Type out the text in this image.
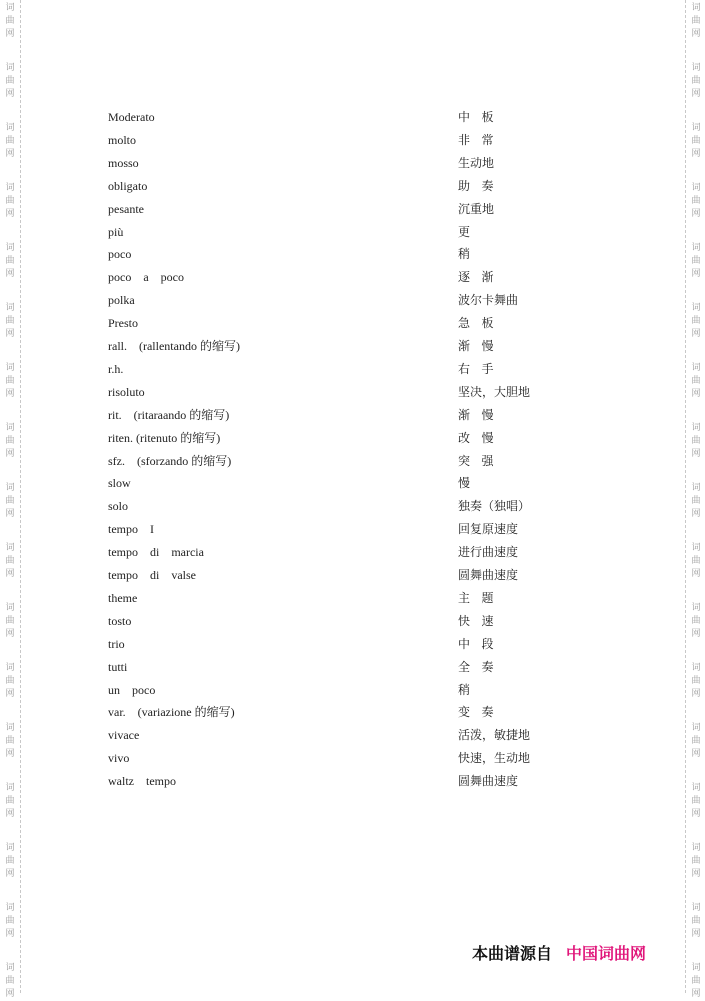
词
曲
网
词
曲
网
词
曲
网
词
曲
网
词
曲
网
词
曲
网
词
曲
网
词
曲
网
词
曲
网
词
曲
网
词
曲
网
词
曲
网
词
曲
网
词
曲
网
词
曲
网
词
曲
网
词
曲
网
词
曲
网
词
曲
网
词
曲
网
词
曲
网
词
曲
网
词
曲
网
词
曲
网
词
曲
网
词
曲
网
词
曲
网
词
曲
网
词
曲
网
词
曲
网
词
曲
网
词
曲
网
词
曲
网
词
曲
网
Moderato	中   板
molto	非   常
mosso	生动地
obligato	助   奏
pesante	沉重地
più	更
poco	稍
poco    a    poco	逐   渐
polka	波尔卡舞曲
Presto	急   板
rall.    (rallentando 的缩写)	渐   慢
r.h.	右   手
risoluto	坚决，大胆地
rit.    (ritaraando 的缩写)	渐   慢
riten. (ritenuto 的缩写)	改   慢
sfz.    (sforzando 的缩写)	突   强
slow	慢
solo	独奏（独唱）
tempo    I	回复原速度
tempo    di    marcia	进行曲速度
tempo    di    valse	圆舞曲速度
theme	主   题
tosto	快   速
trio	中   段
tutti	全   奏
un    poco	稍
var.    (variazione 的缩写)	变   奏
vivace	活泼，敏捷地
vivo	快速，生动地
waltz    tempo	圆舞曲速度
本曲谱源自 中国词曲网
